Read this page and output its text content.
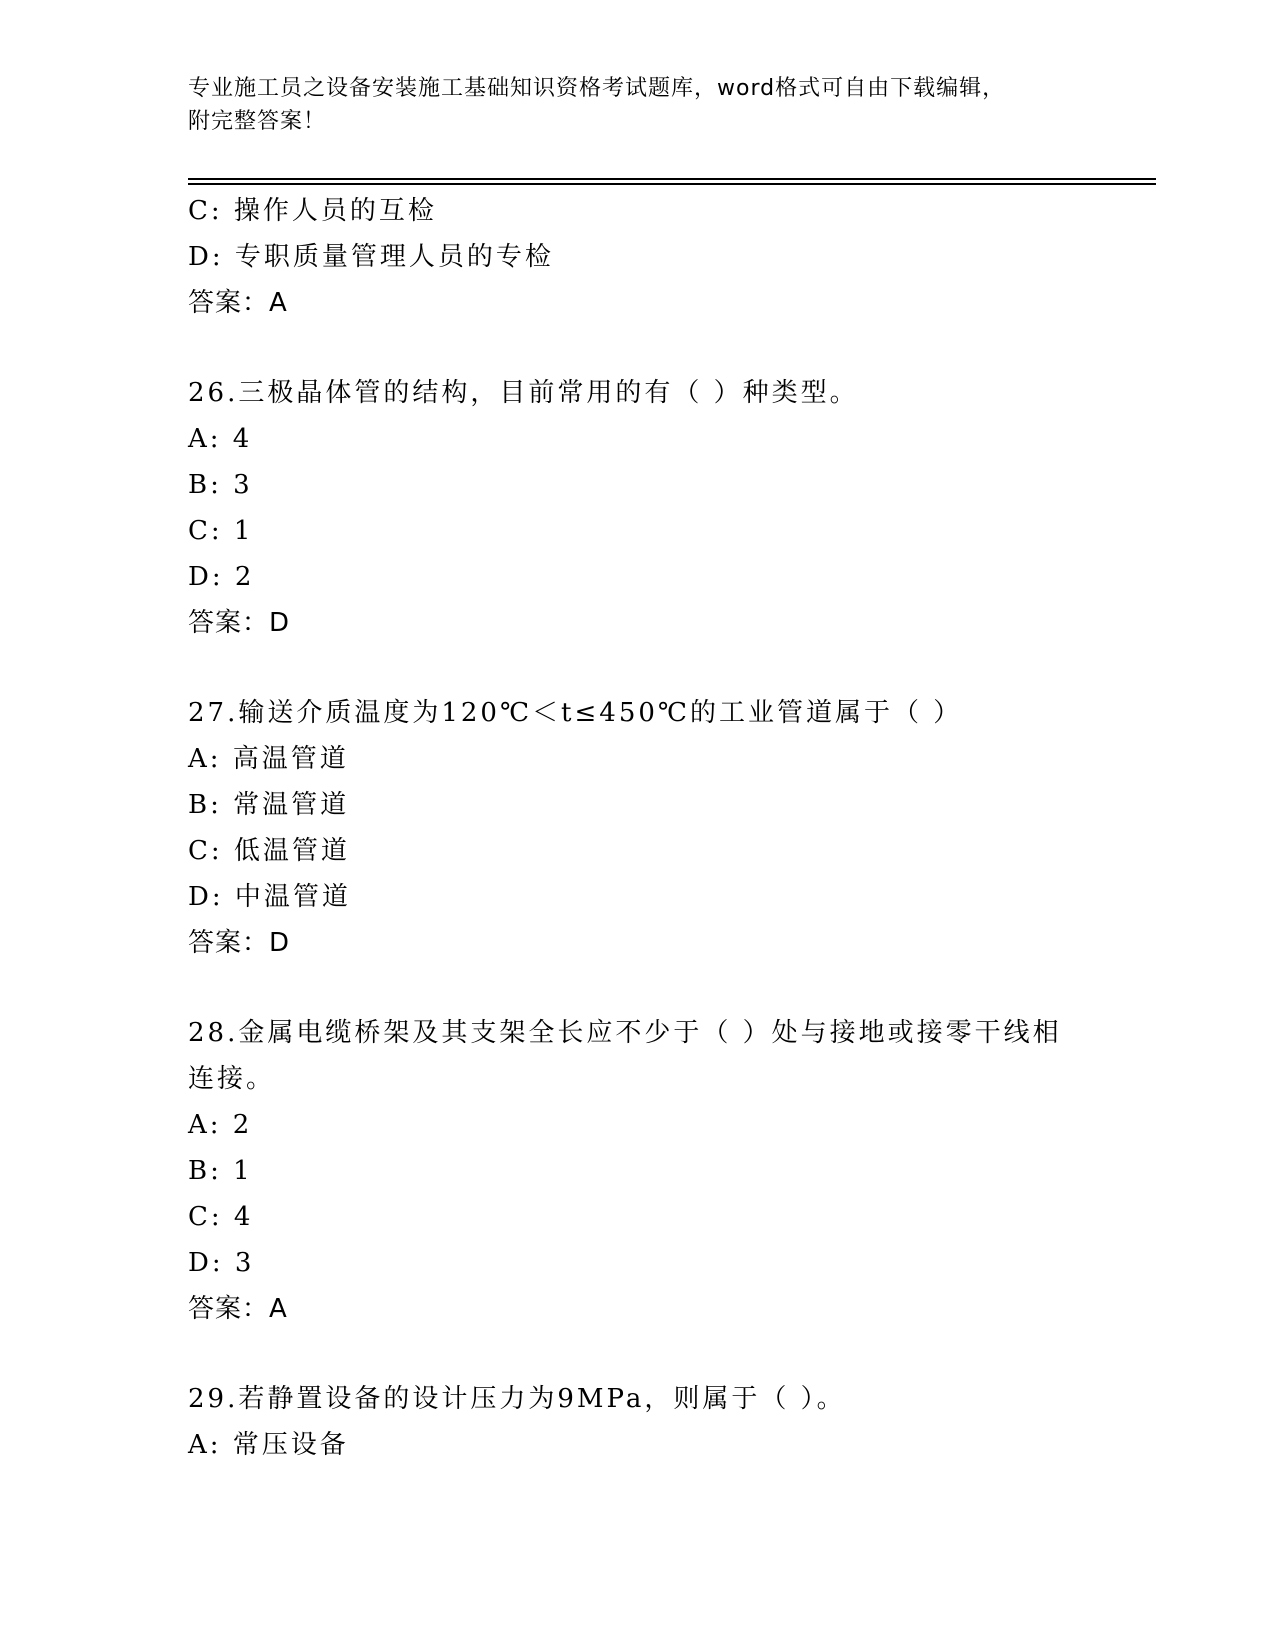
专业施工员之设备安装施工基础知识资格考试题库，word格式可自由下载编辑，
附完整答案！
C: 操作人员的互检
D: 专职质量管理人员的专检
答案：A
26.三极晶体管的结构，目前常用的有（ ）种类型。
A: 4
B: 3
C: 1
D: 2
答案：D
27.输送介质温度为120℃＜t≤450℃的工业管道属于（ ）
A: 高温管道
B: 常温管道
C: 低温管道
D: 中温管道
答案：D
28.金属电缆桥架及其支架全长应不少于（ ）处与接地或接零干线相
连接。
A: 2
B: 1
C: 4
D: 3
答案：A
29.若静置设备的设计压力为9MPa，则属于（ ）。
A: 常压设备
